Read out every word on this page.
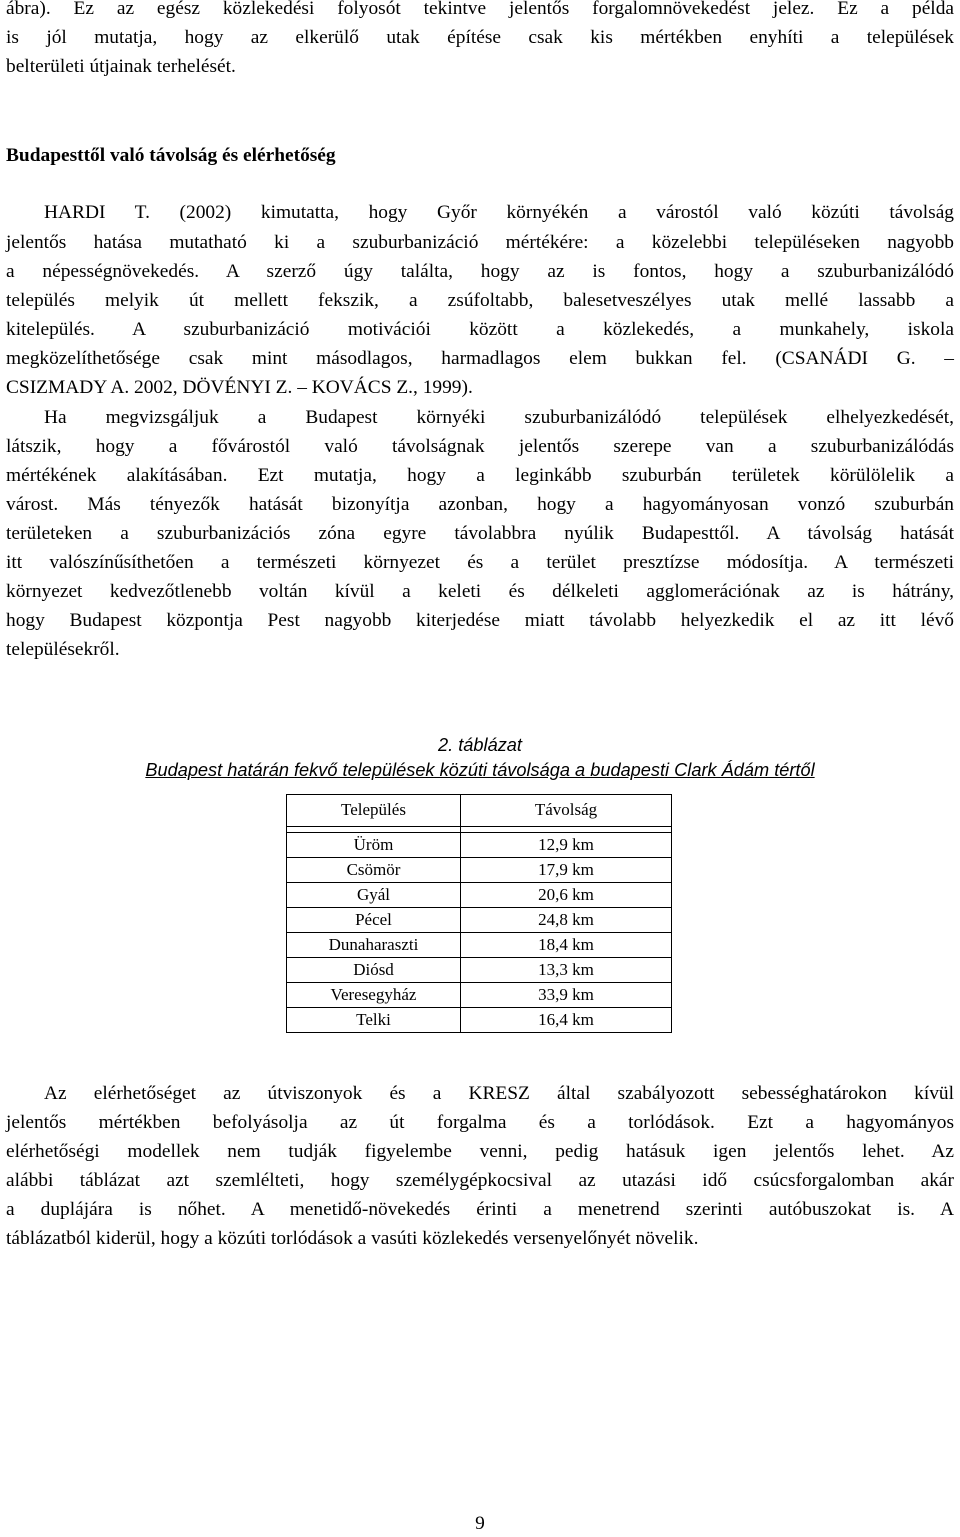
ábra). Ez az egész közlekedési folyosót tekintve jelentős forgalomnövekedést jelez. Ez a példa
is jól mutatja, hogy az elkerülő utak építése csak kis mértékben enyhíti a települések
belterületi útjainak terhelését.
Budapesttől való távolság és elérhetőség
HARDI T. (2002) kimutatta, hogy Győr környékén a várostól való közúti távolság
jelentős hatása mutatható ki a szuburbanizáció mértékére: a közelebbi településeken nagyobb
a népességnövekedés. A szerző úgy találta, hogy az is fontos, hogy a szuburbanizálódó
település melyik út mellett fekszik, a zsúfoltabb, balesetveszélyes utak mellé lassabb a
kitelepülés. A szuburbanizáció motivációi között a közlekedés, a munkahely, iskola
megközelíthetősége csak mint másodlagos, harmadlagos elem bukkan fel. (CSANÁDI G. –
CSIZMADY A. 2002, DÖVÉNYI Z. – KOVÁCS Z., 1999).
Ha megvizsgáljuk a Budapest környéki szuburbanizálódó települések elhelyezkedését,
látszik, hogy a fővárostól való távolságnak jelentős szerepe van a szuburbanizálódás
mértékének alakításában. Ezt mutatja, hogy a leginkább szuburbán területek körülölelik a
várost. Más tényezők hatását bizonyítja azonban, hogy a hagyományosan vonzó szuburbán
területeken a szuburbanizációs zóna egyre távolabbra nyúlik Budapesttől. A távolság hatását
itt valószínűsíthetően a természeti környezet és a terület presztízse módosítja. A természeti
környezet kedvezőtlenebb voltán kívül a keleti és délkeleti agglomerációnak az is hátrány,
hogy Budapest központja Pest nagyobb kiterjedése miatt távolabb helyezkedik el az itt lévő
településekről.
2. táblázat
Budapest határán fekvő települések közúti távolsága a budapesti Clark Ádám tértől
Település	Távolság

Üröm	12,9 km
Csömör	17,9 km
Gyál	20,6 km
Pécel	24,8 km
Dunaharaszti	18,4 km
Diósd	13,3 km
Veresegyház	33,9 km
Telki	16,4 km
Az elérhetőséget az útviszonyok és a KRESZ által szabályozott sebességhatárokon kívül
jelentős mértékben befolyásolja az út forgalma és a torlódások. Ezt a hagyományos
elérhetőségi modellek nem tudják figyelembe venni, pedig hatásuk igen jelentős lehet. Az
alábbi táblázat azt szemlélteti, hogy személygépkocsival az utazási idő csúcsforgalomban akár
a duplájára is nőhet. A menetidő-növekedés érinti a menetrend szerinti autóbuszokat is. A
táblázatból kiderül, hogy a közúti torlódások a vasúti közlekedés versenyelőnyét növelik.
9
